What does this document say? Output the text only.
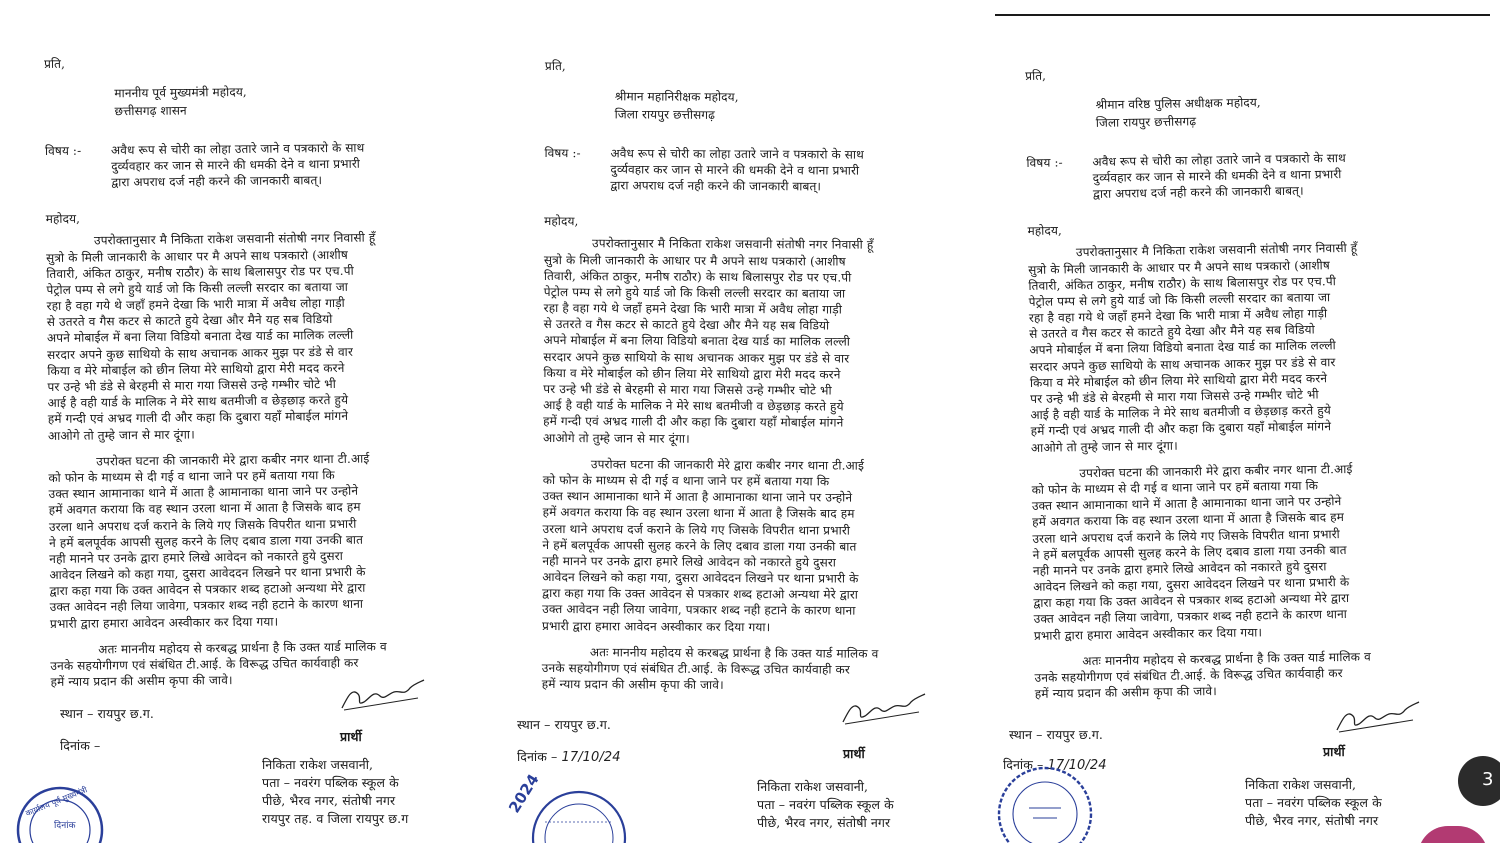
प्रति,
माननीय पूर्व मुख्यमंत्री महोदय,
छत्तीसगढ़ शासन
विषय :-	अवैध रूप से चोरी का लोहा उतारे जाने व पत्रकारो के साथ
दुर्व्यवहार कर जान से मारने की धमकी देने व थाना प्रभारी
द्वारा अपराध दर्ज नही करने की जानकारी बाबत्।
महोदय,
उपरोक्तानुसार मै निकिता राकेश जसवानी संतोषी नगर निवासी हूँ
सुत्रो के मिली जानकारी के आधार पर मै अपने साथ पत्रकारो (आशीष
तिवारी, अंकित ठाकुर, मनीष राठौर) के साथ बिलासपुर रोड पर एच.पी
पेट्रोल पम्प से लगे हुये यार्ड जो कि किसी लल्ली सरदार का बताया जा
रहा है वहा गये थे जहाँ हमने देखा कि भारी मात्रा में अवैध लोहा गाड़ी
से उतरते व गैस कटर से काटते हुये देखा और मैने यह सब विडियो
अपने मोबाईल में बना लिया विडियो बनाता देख यार्ड का मालिक लल्ली
सरदार अपने कुछ साथियो के साथ अचानक आकर मुझ पर डंडे से वार
किया व मेरे मोबाईल को छीन लिया मेरे साथियो द्वारा मेरी मदद करने
पर उन्हे भी डंडे से बेरहमी से मारा गया जिससे उन्हे गम्भीर चोटे भी
आई है वही यार्ड के मालिक ने मेरे साथ बतमीजी व छेड़छाड़ करते हुये
हमें गन्दी एवं अभ्रद गाली दी और कहा कि दुबारा यहाँ मोबाईल मांगने
आओगे तो तुम्हे जान से मार दूंगा।
उपरोक्त घटना की जानकारी मेरे द्वारा कबीर नगर थाना टी.आई
को फोन के माध्यम से दी गई व थाना जाने पर हमें बताया गया कि
उक्त स्थान आमानाका थाने में आता है आमानाका थाना जाने पर उन्होने
हमें अवगत कराया कि वह स्थान उरला थाना में आता है जिसके बाद हम
उरला थाने अपराध दर्ज कराने के लिये गए जिसके विपरीत थाना प्रभारी
ने हमें बलपूर्वक आपसी सुलह करने के लिए दबाव डाला गया उनकी बात
नही मानने पर उनके द्वारा हमारे लिखे आवेदन को नकारते हुये दुसरा
आवेदन लिखने को कहा गया, दुसरा आवेददन लिखने पर थाना प्रभारी के
द्वारा कहा गया कि उक्त आवेदन से पत्रकार शब्द हटाओ अन्यथा मेरे द्वारा
उक्त आवेदन नही लिया जावेगा, पत्रकार शब्द नही हटाने के कारण थाना
प्रभारी द्वारा हमारा आवेदन अस्वीकार कर दिया गया।
अतः माननीय महोदय से करबद्ध प्रार्थना है कि उक्त यार्ड मालिक व
उनके सहयोगीगण एवं संबंधित टी.आई. के विरूद्ध उचित कार्यवाही कर
हमें न्याय प्रदान की असीम कृपा की जावे।
स्थान – रायपुर छ.ग.
दिनांक –
प्रार्थी
निकिता राकेश जसवानी,
पता – नवरंग पब्लिक स्कूल के
पीछे, भैरव नगर, संतोषी नगर
रायपुर तह. व जिला रायपुर छ.ग
कार्यालय पूर्व मुख्यमंत्री
दिनांक
प्रति,
श्रीमान महानिरीक्षक महोदय,
जिला रायपुर छत्तीसगढ़
विषय :-	अवैध रूप से चोरी का लोहा उतारे जाने व पत्रकारो के साथ
दुर्व्यवहार कर जान से मारने की धमकी देने व थाना प्रभारी
द्वारा अपराध दर्ज नही करने की जानकारी बाबत्।
महोदय,
उपरोक्तानुसार मै निकिता राकेश जसवानी संतोषी नगर निवासी हूँ
सुत्रो के मिली जानकारी के आधार पर मै अपने साथ पत्रकारो (आशीष
तिवारी, अंकित ठाकुर, मनीष राठौर) के साथ बिलासपुर रोड पर एच.पी
पेट्रोल पम्प से लगे हुये यार्ड जो कि किसी लल्ली सरदार का बताया जा
रहा है वहा गये थे जहाँ हमने देखा कि भारी मात्रा में अवैध लोहा गाड़ी
से उतरते व गैस कटर से काटते हुये देखा और मैने यह सब विडियो
अपने मोबाईल में बना लिया विडियो बनाता देख यार्ड का मालिक लल्ली
सरदार अपने कुछ साथियो के साथ अचानक आकर मुझ पर डंडे से वार
किया व मेरे मोबाईल को छीन लिया मेरे साथियो द्वारा मेरी मदद करने
पर उन्हे भी डंडे से बेरहमी से मारा गया जिससे उन्हे गम्भीर चोटे भी
आई है वही यार्ड के मालिक ने मेरे साथ बतमीजी व छेड़छाड़ करते हुये
हमें गन्दी एवं अभ्रद गाली दी और कहा कि दुबारा यहाँ मोबाईल मांगने
आओगे तो तुम्हे जान से मार दूंगा।
उपरोक्त घटना की जानकारी मेरे द्वारा कबीर नगर थाना टी.आई
को फोन के माध्यम से दी गई व थाना जाने पर हमें बताया गया कि
उक्त स्थान आमानाका थाने में आता है आमानाका थाना जाने पर उन्होने
हमें अवगत कराया कि वह स्थान उरला थाना में आता है जिसके बाद हम
उरला थाने अपराध दर्ज कराने के लिये गए जिसके विपरीत थाना प्रभारी
ने हमें बलपूर्वक आपसी सुलह करने के लिए दबाव डाला गया उनकी बात
नही मानने पर उनके द्वारा हमारे लिखे आवेदन को नकारते हुये दुसरा
आवेदन लिखने को कहा गया, दुसरा आवेददन लिखने पर थाना प्रभारी के
द्वारा कहा गया कि उक्त आवेदन से पत्रकार शब्द हटाओ अन्यथा मेरे द्वारा
उक्त आवेदन नही लिया जावेगा, पत्रकार शब्द नही हटाने के कारण थाना
प्रभारी द्वारा हमारा आवेदन अस्वीकार कर दिया गया।
अतः माननीय महोदय से करबद्ध प्रार्थना है कि उक्त यार्ड मालिक व
उनके सहयोगीगण एवं संबंधित टी.आई. के विरूद्ध उचित कार्यवाही कर
हमें न्याय प्रदान की असीम कृपा की जावे।
स्थान – रायपुर छ.ग.
दिनांक – 17/10/24	प्रार्थी
निकिता राकेश जसवानी,
पता – नवरंग पब्लिक स्कूल के
पीछे, भैरव नगर, संतोषी नगर
2024
प्रति,
श्रीमान वरिष्ठ पुलिस अधीक्षक महोदय,
जिला रायपुर छत्तीसगढ़
विषय :-	अवैध रूप से चोरी का लोहा उतारे जाने व पत्रकारो के साथ
दुर्व्यवहार कर जान से मारने की धमकी देने व थाना प्रभारी
द्वारा अपराध दर्ज नही करने की जानकारी बाबत्।
महोदय,
उपरोक्तानुसार मै निकिता राकेश जसवानी संतोषी नगर निवासी हूँ
सुत्रो के मिली जानकारी के आधार पर मै अपने साथ पत्रकारो (आशीष
तिवारी, अंकित ठाकुर, मनीष राठौर) के साथ बिलासपुर रोड पर एच.पी
पेट्रोल पम्प से लगे हुये यार्ड जो कि किसी लल्ली सरदार का बताया जा
रहा है वहा गये थे जहाँ हमने देखा कि भारी मात्रा में अवैध लोहा गाड़ी
से उतरते व गैस कटर से काटते हुये देखा और मैने यह सब विडियो
अपने मोबाईल में बना लिया विडियो बनाता देख यार्ड का मालिक लल्ली
सरदार अपने कुछ साथियो के साथ अचानक आकर मुझ पर डंडे से वार
किया व मेरे मोबाईल को छीन लिया मेरे साथियो द्वारा मेरी मदद करने
पर उन्हे भी डंडे से बेरहमी से मारा गया जिससे उन्हे गम्भीर चोटे भी
आई है वही यार्ड के मालिक ने मेरे साथ बतमीजी व छेड़छाड़ करते हुये
हमें गन्दी एवं अभ्रद गाली दी और कहा कि दुबारा यहाँ मोबाईल मांगने
आओगे तो तुम्हे जान से मार दूंगा।
उपरोक्त घटना की जानकारी मेरे द्वारा कबीर नगर थाना टी.आई
को फोन के माध्यम से दी गई व थाना जाने पर हमें बताया गया कि
उक्त स्थान आमानाका थाने में आता है आमानाका थाना जाने पर उन्होने
हमें अवगत कराया कि वह स्थान उरला थाना में आता है जिसके बाद हम
उरला थाने अपराध दर्ज कराने के लिये गए जिसके विपरीत थाना प्रभारी
ने हमें बलपूर्वक आपसी सुलह करने के लिए दबाव डाला गया उनकी बात
नही मानने पर उनके द्वारा हमारे लिखे आवेदन को नकारते हुये दुसरा
आवेदन लिखने को कहा गया, दुसरा आवेददन लिखने पर थाना प्रभारी के
द्वारा कहा गया कि उक्त आवेदन से पत्रकार शब्द हटाओ अन्यथा मेरे द्वारा
उक्त आवेदन नही लिया जावेगा, पत्रकार शब्द नही हटाने के कारण थाना
प्रभारी द्वारा हमारा आवेदन अस्वीकार कर दिया गया।
अतः माननीय महोदय से करबद्ध प्रार्थना है कि उक्त यार्ड मालिक व
उनके सहयोगीगण एवं संबंधित टी.आई. के विरूद्ध उचित कार्यवाही कर
हमें न्याय प्रदान की असीम कृपा की जावे।
स्थान – रायपुर छ.ग.
दिनांक – 17/10/24
प्रार्थी
निकिता राकेश जसवानी,
पता – नवरंग पब्लिक स्कूल के
पीछे, भैरव नगर, संतोषी नगर
3
